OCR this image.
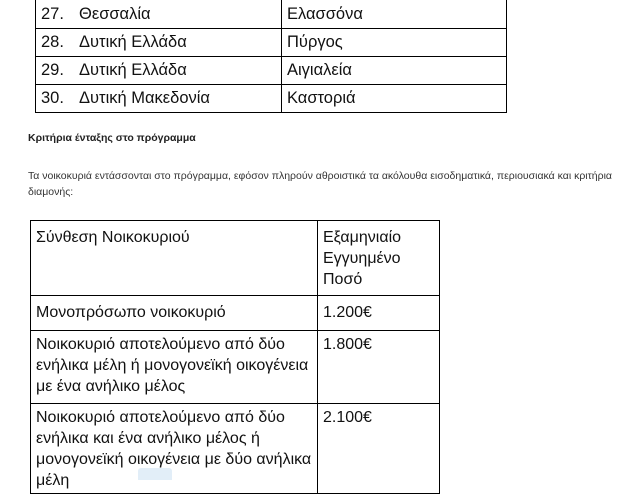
27. Θεσσαλία	Ελασσόνα
28. Δυτική Ελλάδα	Πύργος
29. Δυτική Ελλάδα	Αιγιαλεία
30. Δυτική Μακεδονία	Καστοριά

Κριτήρια ένταξης στο πρόγραμμα

Τα νοικοκυριά εντάσσονται στο πρόγραμμα, εφόσον πληρούν αθροιστικά τα ακόλουθα εισοδηματικά, περιουσιακά και κριτήρια διαμονής:

Σύνθεση Νοικοκυριού	Εξαμηνιαίο Εγγυημένο Ποσό
Μονοπρόσωπο νοικοκυριό	1.200€
Νοικοκυριό αποτελούμενο από δύο ενήλικα μέλη ή μονογονεϊκή οικογένεια με ένα ανήλικο μέλος	1.800€
Νοικοκυριό αποτελούμενο από δύο ενήλικα και ένα ανήλικο μέλος ή μονογονεϊκή οικογένεια με δύο ανήλικα μέλη	2.100€
